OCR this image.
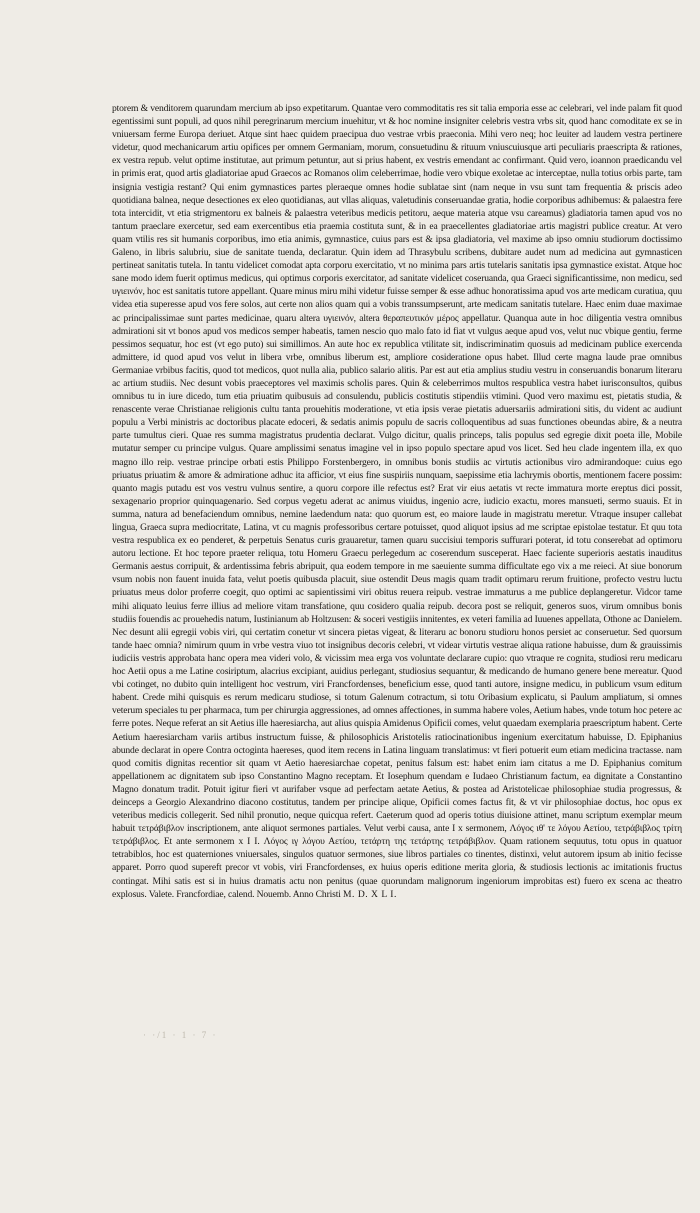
ptorem & venditorem quarundam mercium ab ipso expetitarum. Quantae vero commoditatis res sit talia emporia esse ac celebrari, vel inde palam fit quod egentissimi sunt populi, ad quos nihil peregrinarum mercium inuehitur, vt & hoc nomine insigniter celebris vestra vrbs sit, quod hanc comoditate ex se in vniuersam ferme Europa deriuet. Atque sint haec quidem praecipua duo vestrae vrbis praeconia. Mihi vero neq; hoc leuiter ad laudem vestra pertinere videtur, quod mechanicarum artiu opifices per omnem Germaniam, morum, consuetudinu & rituum vniuscuiusque arti peculiaris praescripta & rationes, ex vestra repub. velut optime institutae, aut primum petuntur, aut si prius habent, ex vestris emendant ac confirmant. Quid vero, ioannon praedicandu vel in primis erat, quod artis gladiatoriae apud Graecos ac Romanos olim celeberrimae, hodie vero vbique exoletae ac interceptae, nulla totius orbis parte, tam insignia vestigia restant? Qui enim gymnastices partes pleraeque omnes hodie sublatae sint (nam neque in vsu sunt tam frequentia & priscis adeo quotidiana balnea, neque desectiones ex eleo quotidianas, aut vllas aliquas, valetudinis conseruandae gratia, hodie corporibus adhibemus: & palaestra fere tota intercidit, vt etia strigmentoru ex balneis & palaestra veteribus medicis petitoru, aeque materia atque vsu careamus) gladiatoria tamen apud vos no tantum praeclare exercetur, sed eam exercentibus etia praemia costituta sunt, & in ea praecellentes gladiatoriae artis magistri publice creatur. At vero quam vtilis res sit humanis corporibus, imo etia animis, gymnastice, cuius pars est & ipsa gladiatoria, vel maxime ab ipso omniu studiorum doctissimo Galeno, in libris salubriu, siue de sanitate tuenda, declaratur. Quin idem ad Thrasybulu scribens, dubitare audet num ad medicina aut gymnasticen pertineat sanitatis tutela. In tantu videlicet comodat apta corporu exercitatio, vt no minima pars artis tutelaris sanitatis ipsa gymnastice existat. Atque hoc sane modo idem fuerit optimus medicus, qui optimus corporis exercitator, ad sanitate videlicet coseruanda, qua Graeci significantissime, non medicu, sed υγιεινόν, hoc est sanitatis tutore appellant. Quare minus miru mihi videtur fuisse semper & esse adhuc honoratissima apud vos arte medicam curatiua, quu videa etia superesse apud vos fere solos, aut certe non alios quam qui a vobis transsumpserunt, arte medicam sanitatis tutelare. Haec enim duae maximae ac principalissimae sunt partes medicinae, quaru altera υγιεινόν, altera θεραπευτικόν μέρος appellatur. Quanqua aute in hoc diligentia vestra omnibus admirationi sit vt bonos apud vos medicos semper habeatis, tamen nescio quo malo fato id fiat vt vulgus aeque apud vos, velut nuc vbique gentiu, ferme pessimos sequatur, hoc est (vt ego puto) sui simillimos. An aute hoc ex republica vtilitate sit, indiscriminatim quosuis ad medicinam publice exercenda admittere, id quod apud vos velut in libera vrbe, omnibus liberum est, ampliore cosideratione opus habet. Illud certe magna laude prae omnibus Germaniae vrbibus facitis, quod tot medicos, quot nulla alia, publico salario alitis. Par est aut etia amplius studiu vestru in conseruandis bonarum literaru ac artium studiis. Nec desunt vobis praeceptores vel maximis scholis pares. Quin & celeberrimos multos respublica vestra habet iurisconsultos, quibus omnibus tu in iure dicedo, tum etia priuatim quibusuis ad consulendu, publicis costitutis stipendiis vtimini. Quod vero maximu est, pietatis studia, & renascente verae Christianae religionis cultu tanta prouehitis moderatione, vt etia ipsis verae pietatis aduersariis admirationi sitis, du vident ac audiunt populu a Verbi ministris ac doctoribus placate edoceri, & sedatis animis populu de sacris colloquentibus ad suas functiones obeundas abire, & a neutra parte tumultus cieri. Quae res summa magistratus prudentia declarat. Vulgo dicitur, qualis princeps, talis populus sed egregie dixit poeta ille, Mobile mutatur semper cu principe vulgus. Quare amplissimi senatus imagine vel in ipso populo spectare apud vos licet. Sed heu clade ingentem illa, ex quo magno illo reip. vestrae principe orbati estis Philippo Forstenbergero, in omnibus bonis studiis ac virtutis actionibus viro admirandoque: cuius ego priuatus priuatim & amore & admiratione adhuc ita afficior, vt eius fine suspiriis nunquam, saepissime etia lachrymis obortis, mentionem facere possim: quanto magis putadu est vos vestru vulnus sentire, a quoru corpore ille refectus est? Erat vir eius aetatis vt recte immatura morte ereptus dici possit, sexagenario proprior quinquagenario. Sed corpus vegetu aderat ac animus viuidus, ingenio acre, iudicio exactu, mores mansueti, sermo suauis. Et in summa, natura ad benefaciendum omnibus, nemine laedendum nata: quo quorum est, eo maiore laude in magistratu meretur. Vtraque insuper callebat lingua, Graeca supra mediocritate, Latina, vt cu magnis professoribus certare potuisset, quod aliquot ipsius ad me scriptae epistolae testatur. Et quu tota vestra respublica ex eo penderet, & perpetuis Senatus curis grauaretur, tamen quaru succisiui temporis suffurari poterat, id totu conserebat ad optimoru autoru lectione. Et hoc tepore praeter reliqua, totu Homeru Graecu perlegedum ac coserendum susceperat. Haec faciente superioris aestatis inauditus Germanis aestus corripuit, & ardentissima febris abripuit, qua eodem tempore in me saeuiente summa difficultate ego vix a me reieci. At siue bonorum vsum nobis non fauent inuida fata, velut poetis quibusda placuit, siue ostendit Deus magis quam tradit optimaru rerum fruitione, profecto vestru luctu priuatus meus dolor proferre coegit, quo optimi ac sapientissimi viri obitus reuera reipub. vestrae immaturus a me publice deplangeretur. Vidcor tame mihi aliquato leuius ferre illius ad meliore vitam transfatione, quu cosidero qualia reipub. decora post se reliquit, generos suos, virum omnibus bonis studiis fouendis ac prouehedis natum, Iustinianum ab Holtzusen: & soceri vestigiis innitentes, ex veteri familia ad Iuuenes appellata, Othone ac Danielem. Nec desunt alii egregii vobis viri, qui certatim conetur vt sincera pietas vigeat, & literaru ac bonoru studioru honos persiet ac conseruetur. Sed quorsum tande haec omnia? nimirum quum in vrbe vestra viuo tot insignibus decoris celebri, vt videar virtutis vestrae aliqua ratione habuisse, dum & grauissimis iudiciis vestris approbata hanc opera mea videri volo, & vicissim mea erga vos voluntate declarare cupio: quo vtraque re cognita, studiosi reru medicaru hoc Aetii opus a me Latine cosiriptum, alacrius excipiant, auidius perlegant, studiosius sequantur, & medicando de humano genere bene mereatur. Quod vbi cotinget, no dubito quin intelligent hoc vestrum, viri Francfordenses, beneficium esse, quod tanti autore, insigne medicu, in publicum vsum editum habent. Crede mihi quisquis es rerum medicaru studiose, si totum Galenum cotractum, si totu Oribasium explicatu, si Paulum ampliatum, si omnes veterum speciales tu per pharmaca, tum per chirurgia aggressiones, ad omnes affectiones, in summa habere voles, Aetium habes, vnde totum hoc petere ac ferre potes. Neque referat an sit Aetius ille haeresiarcha, aut alius quispia Amidenus Opificii comes, velut quaedam exemplaria praescriptum habent. Certe Aetium haeresiarcham variis artibus instructum fuisse, & philosophicis Aristotelis ratiocinationibus ingenium exercitatum habuisse, D. Epiphanius abunde declarat in opere Contra octoginta haereses, quod item recens in Latina linguam translatimus: vt fieri potuerit eum etiam medicina tractasse. nam quod comitis dignitas recentior sit quam vt Aetio haeresiarchae copetat, penitus falsum est: habet enim iam citatus a me D. Epiphanius comitum appellationem ac dignitatem sub ipso Constantino Magno receptam. Et Iosephum quendam e Iudaeo Christianum factum, ea dignitate a Constantino Magno donatum tradit. Potuit igitur fieri vt aurifaber vsque ad perfectam aetate Aetius, & postea ad Aristotelicae philosophiae studia progressus, & deinceps a Georgio Alexandrino diacono costitutus, tandem per principe alique, Opificii comes factus fit, & vt vir philosophiae doctus, hoc opus ex veteribus medicis collegerit. Sed nihil pronutio, neque quicqua refert. Caeterum quod ad operis totius diuisione attinet, manu scriptum exemplar meum habuit τετράβιβλον inscriptionem, ante aliquot sermones partiales. Velut verbi causa, ante I x sermonem, Λόγος ιθ' τε λόγου Αετίου, τετράβιβλος τρίτη τετράβιβλος. Et ante sermonem x I I. Λόγος ιγ λόγου Αετίου, τετάρτη της τετάρτης τετράβιβλον. Quam rationem sequutus, totu opus in quatuor tetrabiblos, hoc est quaterniones vniuersales, singulos quatuor sermones, siue libros partiales co tinentes, distinxi, velut autorem ipsum ab initio fecisse apparet. Porro quod supereft precor vt vobis, viri Francfordenses, ex huius operis editione merita gloria, & studiosis lectionis ac imitationis fructus contingat. Mihi satis est si in huius dramatis actu non penitus (quae quorundam malignorum ingeniorum improbitas est) fuero ex scena ac theatro explosus. Valete. Francfordiae, calend. Nouemb. Anno Christi M. D. X L I.

· ·/1 · 1 · 7 ·
